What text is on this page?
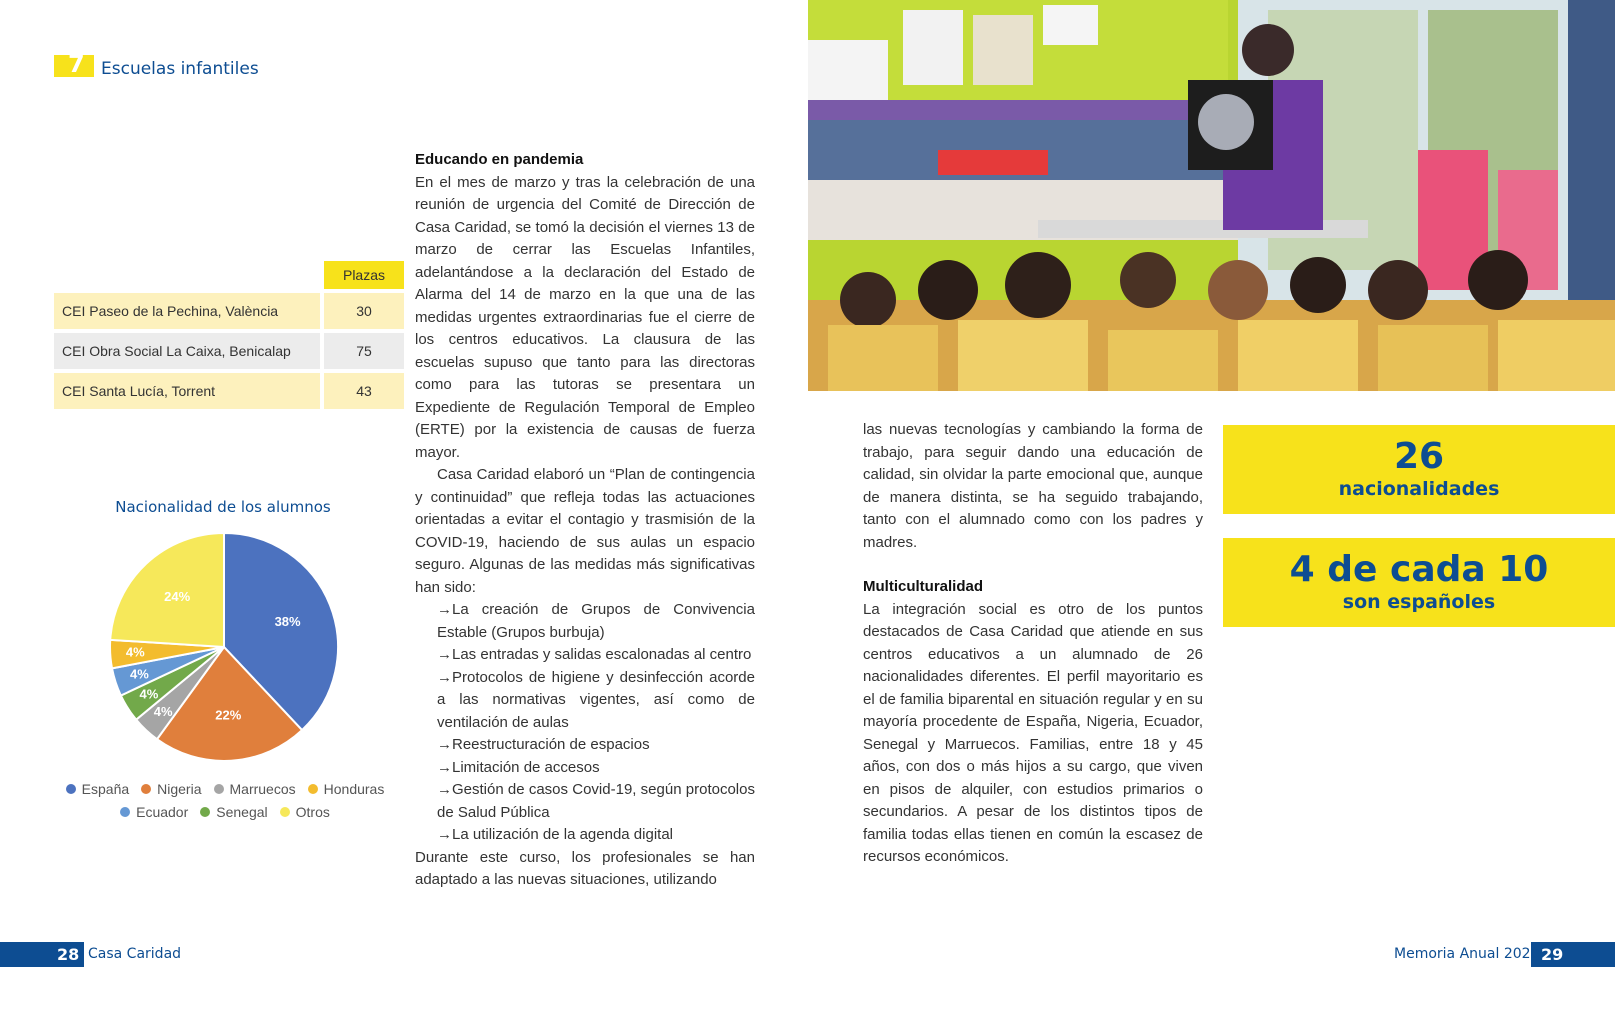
7 Escuelas infantiles
		Plazas
CEI Paseo de la Pechina, València		30
CEI Obra Social La Caixa, Benicalap		75
CEI Santa Lucía, Torrent		43
Nacionalidad de los alumnos
38%
22%
4%
4%
4%
4%
24%
España Nigeria Marruecos HondurasEcuador Senegal Otros
Educando en pandemia

En el mes de marzo y tras la celebración de una reunión de urgencia del Comité de Dirección de Casa Caridad, se tomó la decisión el viernes 13 de marzo de cerrar las Escuelas Infantiles, adelantándose a la declaración del Estado de Alarma del 14 de marzo en la que una de las medidas urgentes extraordinarias fue el cierre de los centros educativos. La clausura de las escuelas supuso que tanto para las directoras como para las tutoras se presentara un Expediente de Regulación Temporal de Empleo (ERTE) por la existencia de causas de fuerza mayor.

Casa Caridad elaboró un “Plan de contingencia y continuidad” que refleja todas las actuaciones orientadas a evitar el contagio y trasmisión de la COVID-19, haciendo de sus aulas un espacio seguro. Algunas de las medidas más significativas han sido:

→La creación de Grupos de Convivencia Estable (Grupos burbuja)
→Las entradas y salidas escalonadas al centro
→Protocolos de higiene y desinfección acorde a las normativas vigentes, así como de ventilación de aulas
→Reestructuración de espacios
→Limitación de accesos
→Gestión de casos Covid-19, según protocolos de Salud Pública
→La utilización de la agenda digital

Durante este curso, los profesionales se han adaptado a las nuevas situaciones, utilizando

las nuevas tecnologías y cambiando la forma de trabajo, para seguir dando una educación de calidad, sin olvidar la parte emocional que, aunque de manera distinta, se ha seguido trabajando, tanto con el alumnado como con los padres y madres.

Multiculturalidad

La integración social es otro de los puntos destacados de Casa Caridad que atiende en sus centros educativos a un alumnado de 26 nacionalidades diferentes. El perfil mayoritario es el de familia biparental en situación regular y en su mayoría procedente de España, Nigeria, Ecuador, Senegal y Marruecos. Familias, entre 18 y 45 años, con dos o más hijos a su cargo, que viven en pisos de alquiler, con estudios primarios o secundarios. A pesar de los distintos tipos de familia todas ellas tienen en común la escasez de recursos económicos.

26
nacionalidades
4 de cada 10
son españoles
28 Casa Caridad	29
Memoria Anual 2020
